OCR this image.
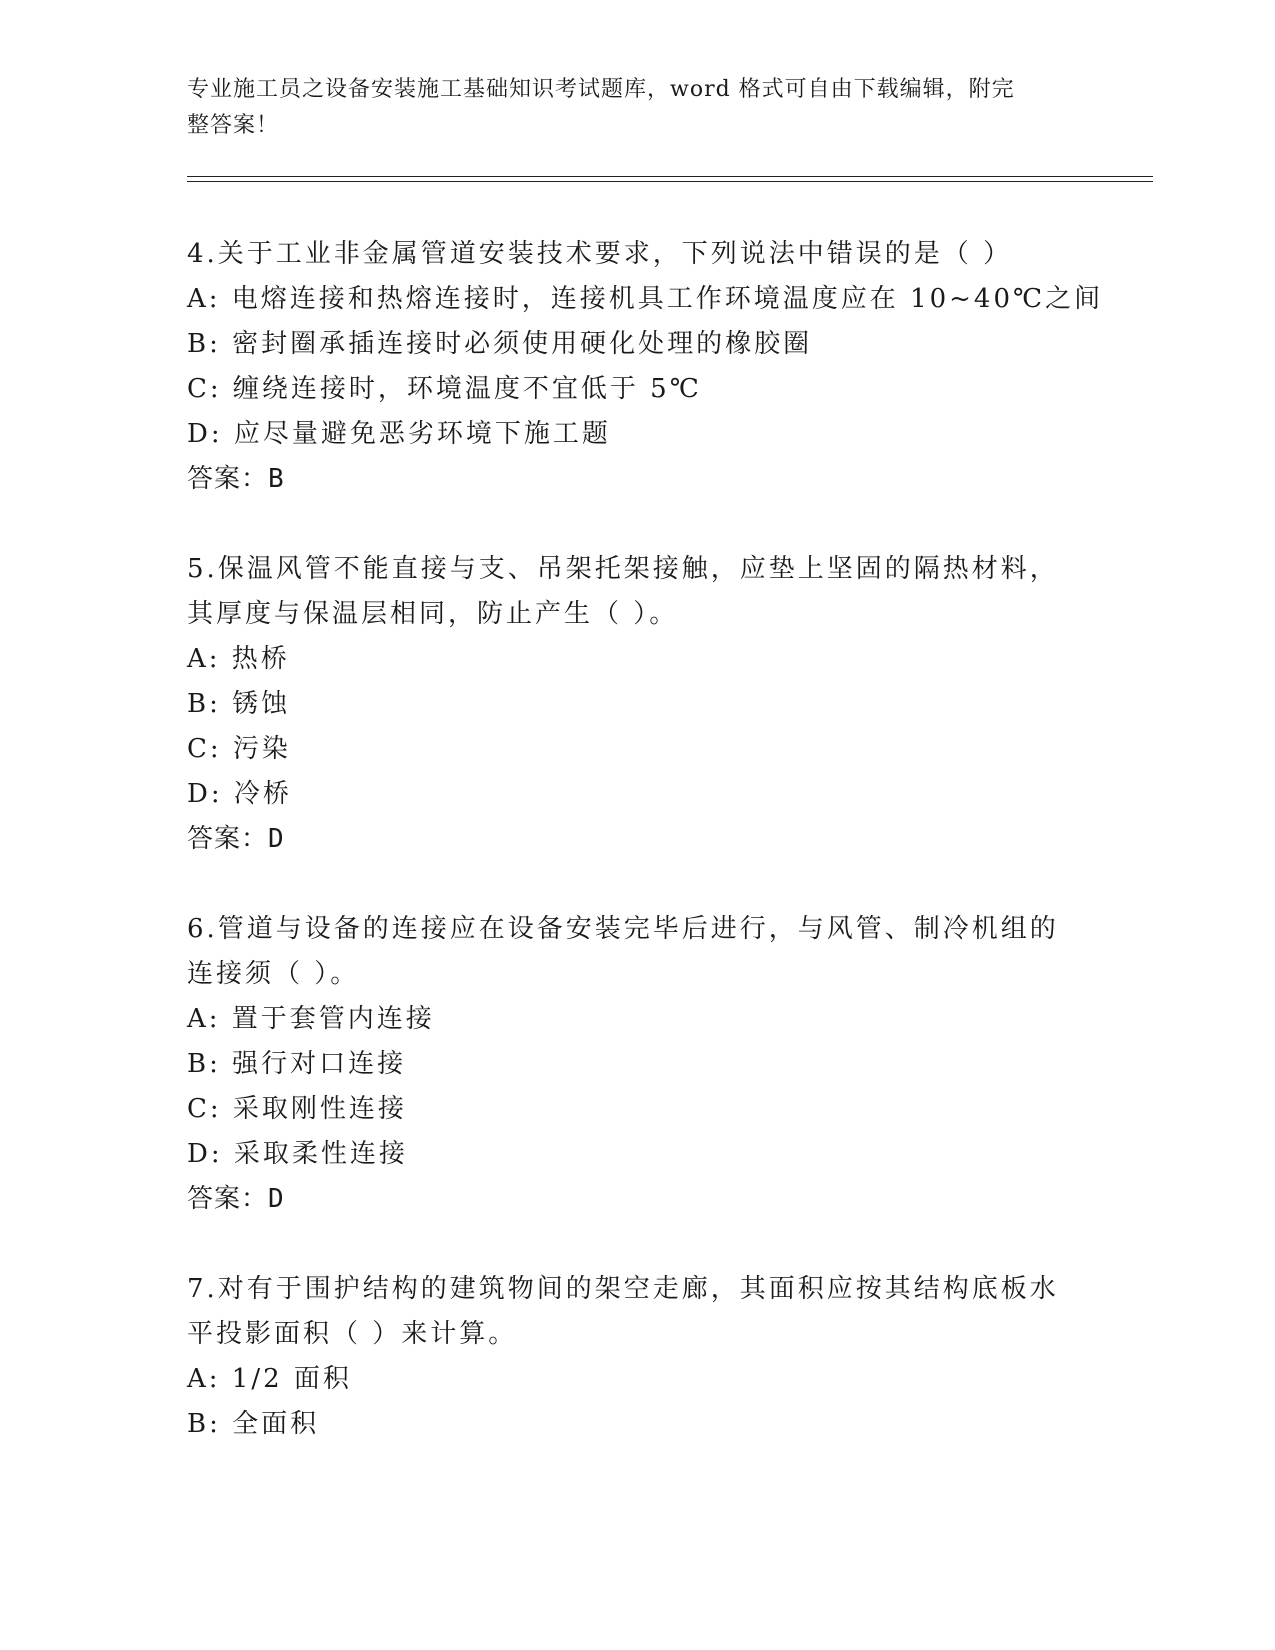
专业施工员之设备安装施工基础知识考试题库，word 格式可自由下载编辑，附完
整答案！
4.关于工业非金属管道安装技术要求，下列说法中错误的是（ ）
A: 电熔连接和热熔连接时，连接机具工作环境温度应在 10~40℃之间
B: 密封圈承插连接时必须使用硬化处理的橡胶圈
C: 缠绕连接时，环境温度不宜低于 5℃
D: 应尽量避免恶劣环境下施工题
答案：B
5.保温风管不能直接与支、吊架托架接触，应垫上坚固的隔热材料，
其厚度与保温层相同，防止产生（ ）。
A: 热桥
B: 锈蚀
C: 污染
D: 冷桥
答案：D
6.管道与设备的连接应在设备安装完毕后进行，与风管、制冷机组的
连接须（ ）。
A: 置于套管内连接
B: 强行对口连接
C: 采取刚性连接
D: 采取柔性连接
答案：D
7.对有于围护结构的建筑物间的架空走廊，其面积应按其结构底板水
平投影面积（ ）来计算。
A: 1/2 面积
B: 全面积
